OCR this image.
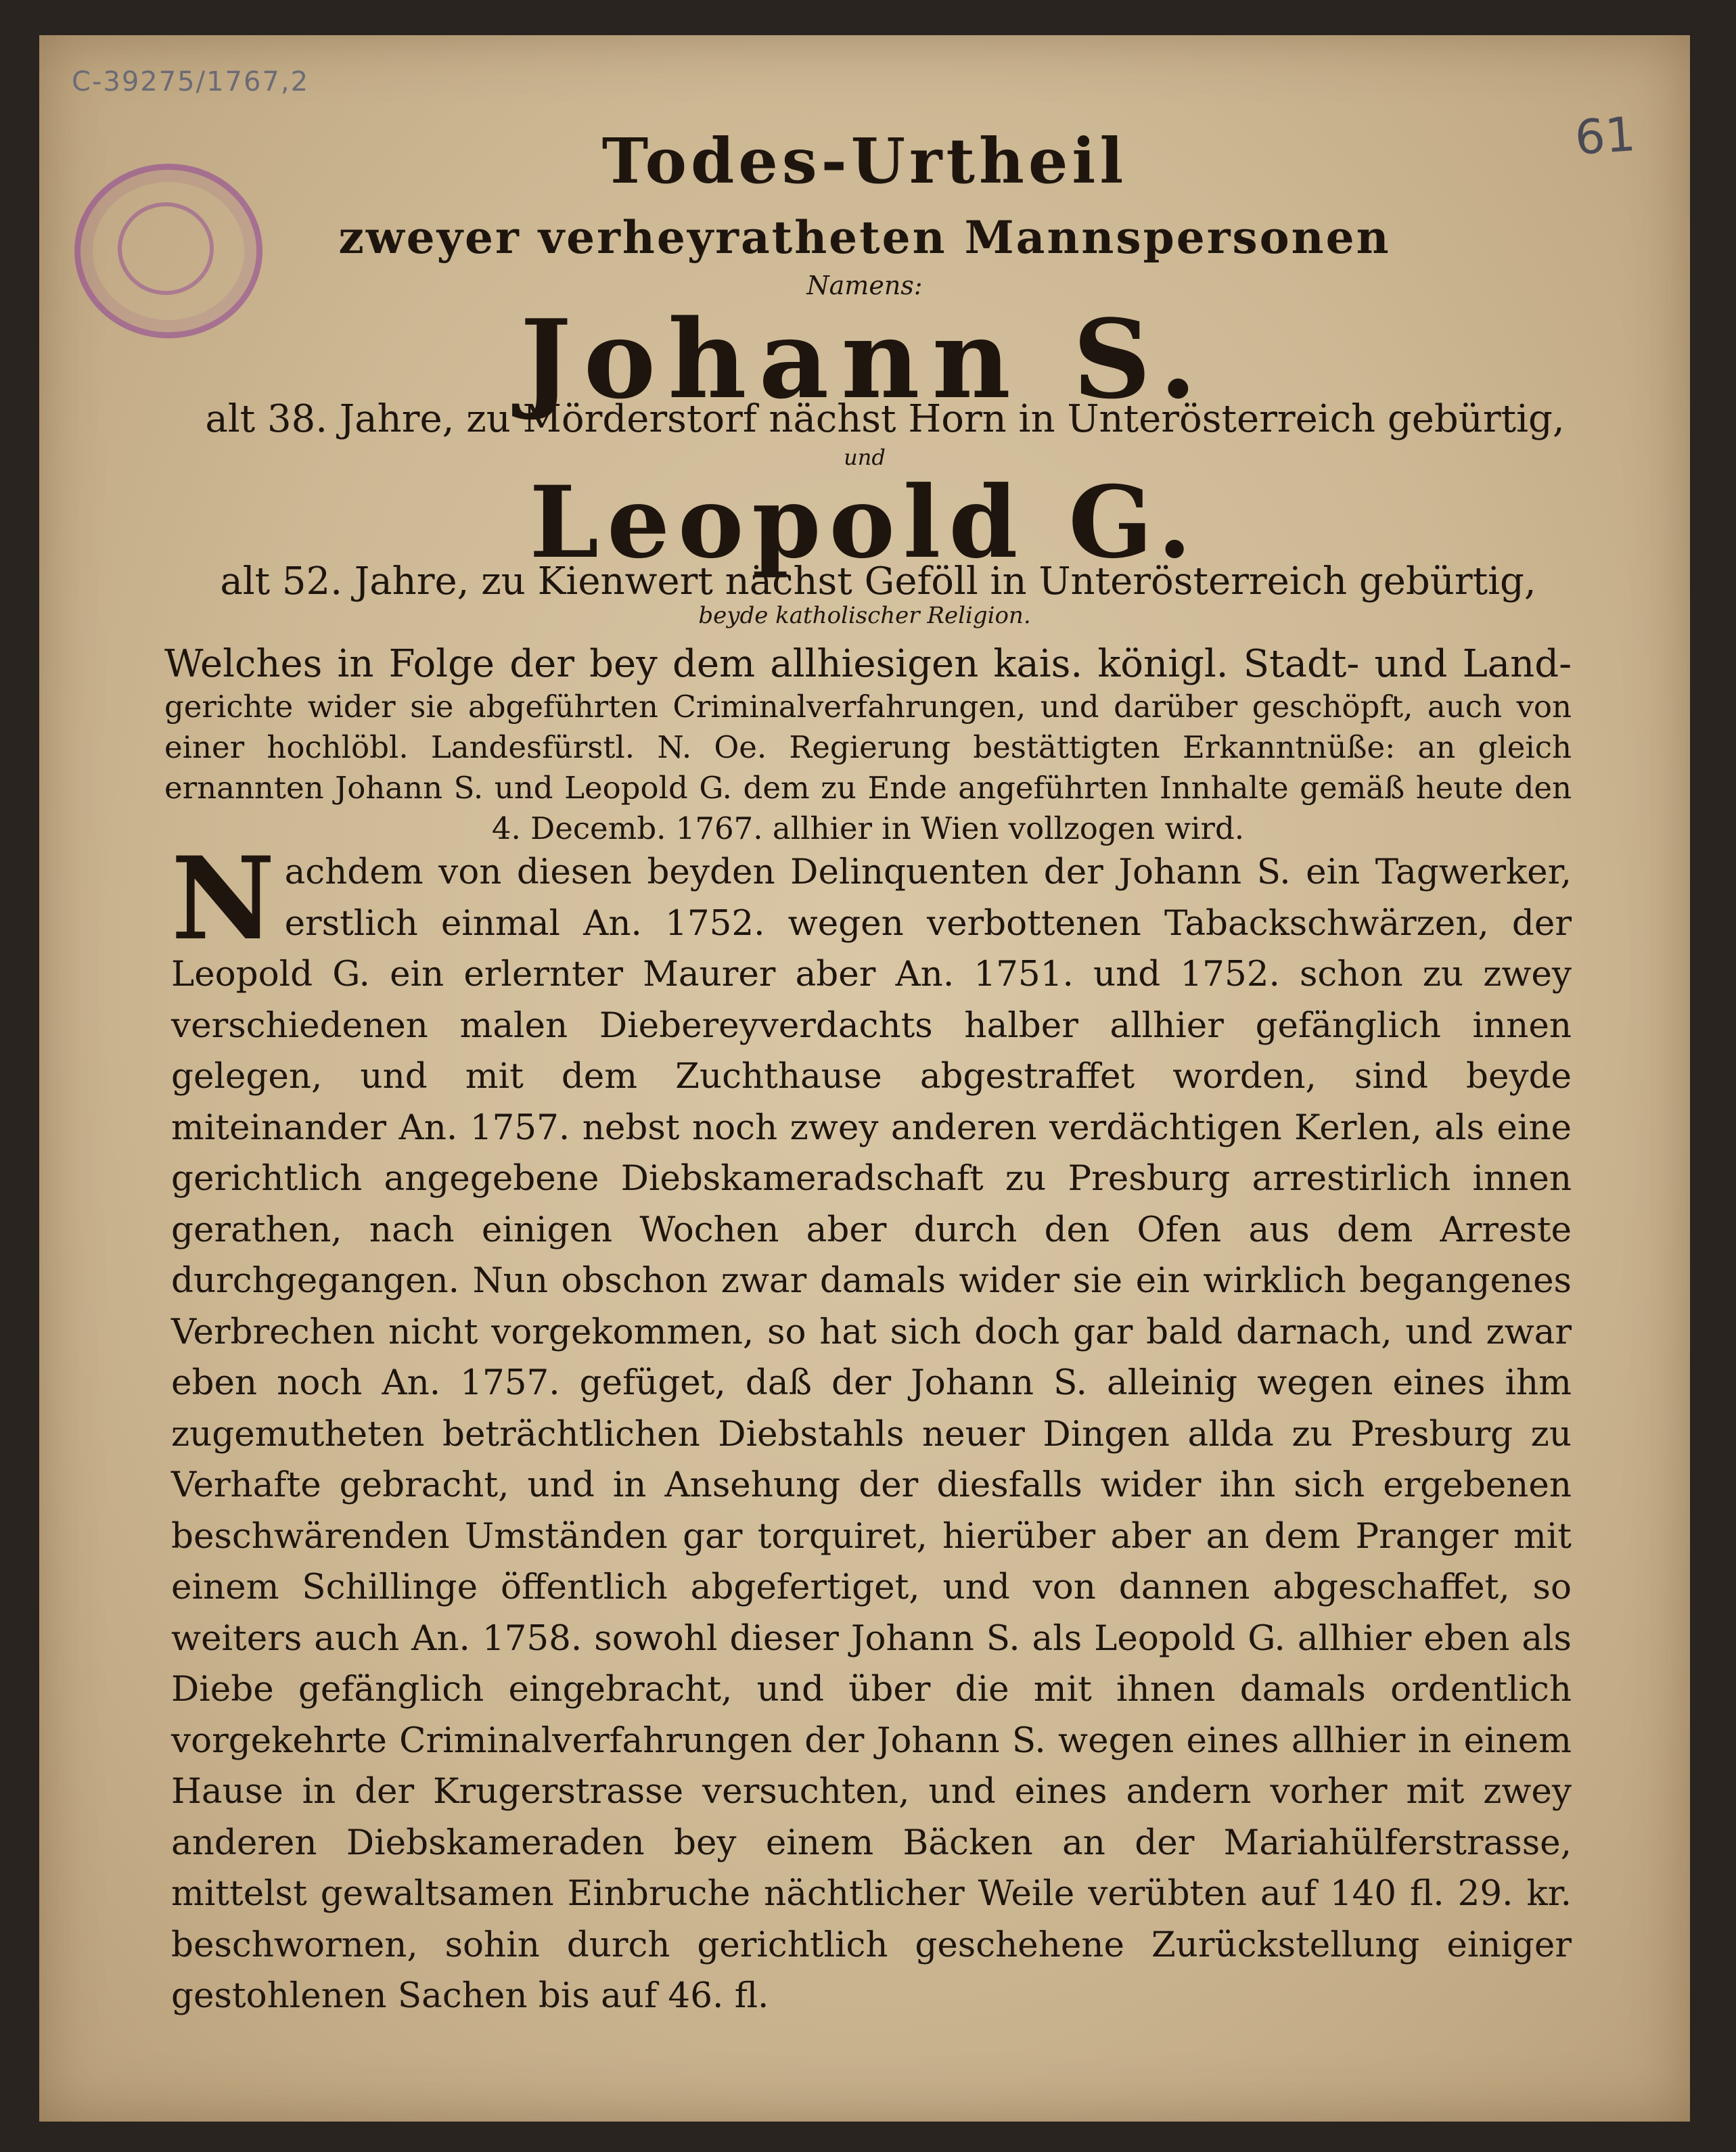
C-39275/1767,2
61
Todes-Urtheil
zweyer verheyratheten Mannspersonen
Namens:
Johann S.
alt 38. Jahre, zu Mörderstorf nächst Horn in Unterösterreich gebürtig,
und
Leopold G.
alt 52. Jahre, zu Kienwert nächst Geföll in Unterösterreich gebürtig,
beyde katholischer Religion.
Welches in Folge der bey dem allhiesigen kais. königl. Stadt- und Land- gerichte wider sie abgeführten Criminalverfahrungen, und darüber geschöpft, auch von einer hochlöbl. Landesfürstl. N. Oe. Regierung bestättigten Erkanntnüße: an gleich ernannten Johann S. und Leopold G. dem zu Ende angeführten Innhalte gemäß heute den 4. Decemb. 1767. allhier in Wien vollzogen wird.
N achdem von diesen beyden Delinquenten der Johann S. ein Tagwerker, erstlich einmal An. 1752. wegen verbottenen Tabackschwärzen, der Leopold G. ein erlernter Maurer aber An. 1751. und 1752. schon zu zwey verschiedenen malen Diebereyverdachts halber allhier gefänglich innen gelegen, und mit dem Zuchthause abgestraffet worden, sind beyde miteinander An. 1757. nebst noch zwey anderen verdächtigen Kerlen, als eine gerichtlich angegebene Diebskameradschaft zu Presburg arrestirlich innen gerathen, nach einigen Wochen aber durch den Ofen aus dem Arreste durchgegangen. Nun obschon zwar damals wider sie ein wirklich begangenes Verbrechen nicht vorgekommen, so hat sich doch gar bald darnach, und zwar eben noch An. 1757. gefüget, daß der Johann S. alleinig wegen eines ihm zugemutheten beträchtlichen Diebstahls neuer Dingen allda zu Presburg zu Verhafte gebracht, und in Ansehung der diesfalls wider ihn sich ergebenen beschwärenden Umständen gar torquiret, hierüber aber an dem Pranger mit einem Schillinge öffentlich abgefertiget, und von dannen abgeschaffet, so weiters auch An. 1758. sowohl dieser Johann S. als Leopold G. allhier eben als Diebe gefänglich eingebracht, und über die mit ihnen damals ordentlich vorgekehrte Criminalverfahrungen der Johann S. wegen eines allhier in einem Hause in der Krugerstrasse versuchten, und eines andern vorher mit zwey anderen Diebskameraden bey einem Bäcken an der Mariahülferstrasse, mittelst gewaltsamen Einbruche nächtlicher Weile verübten auf 140 fl. 29. kr. beschwornen, sohin durch gerichtlich geschehene Zurückstellung einiger gestohlenen Sachen bis auf 46. fl.
